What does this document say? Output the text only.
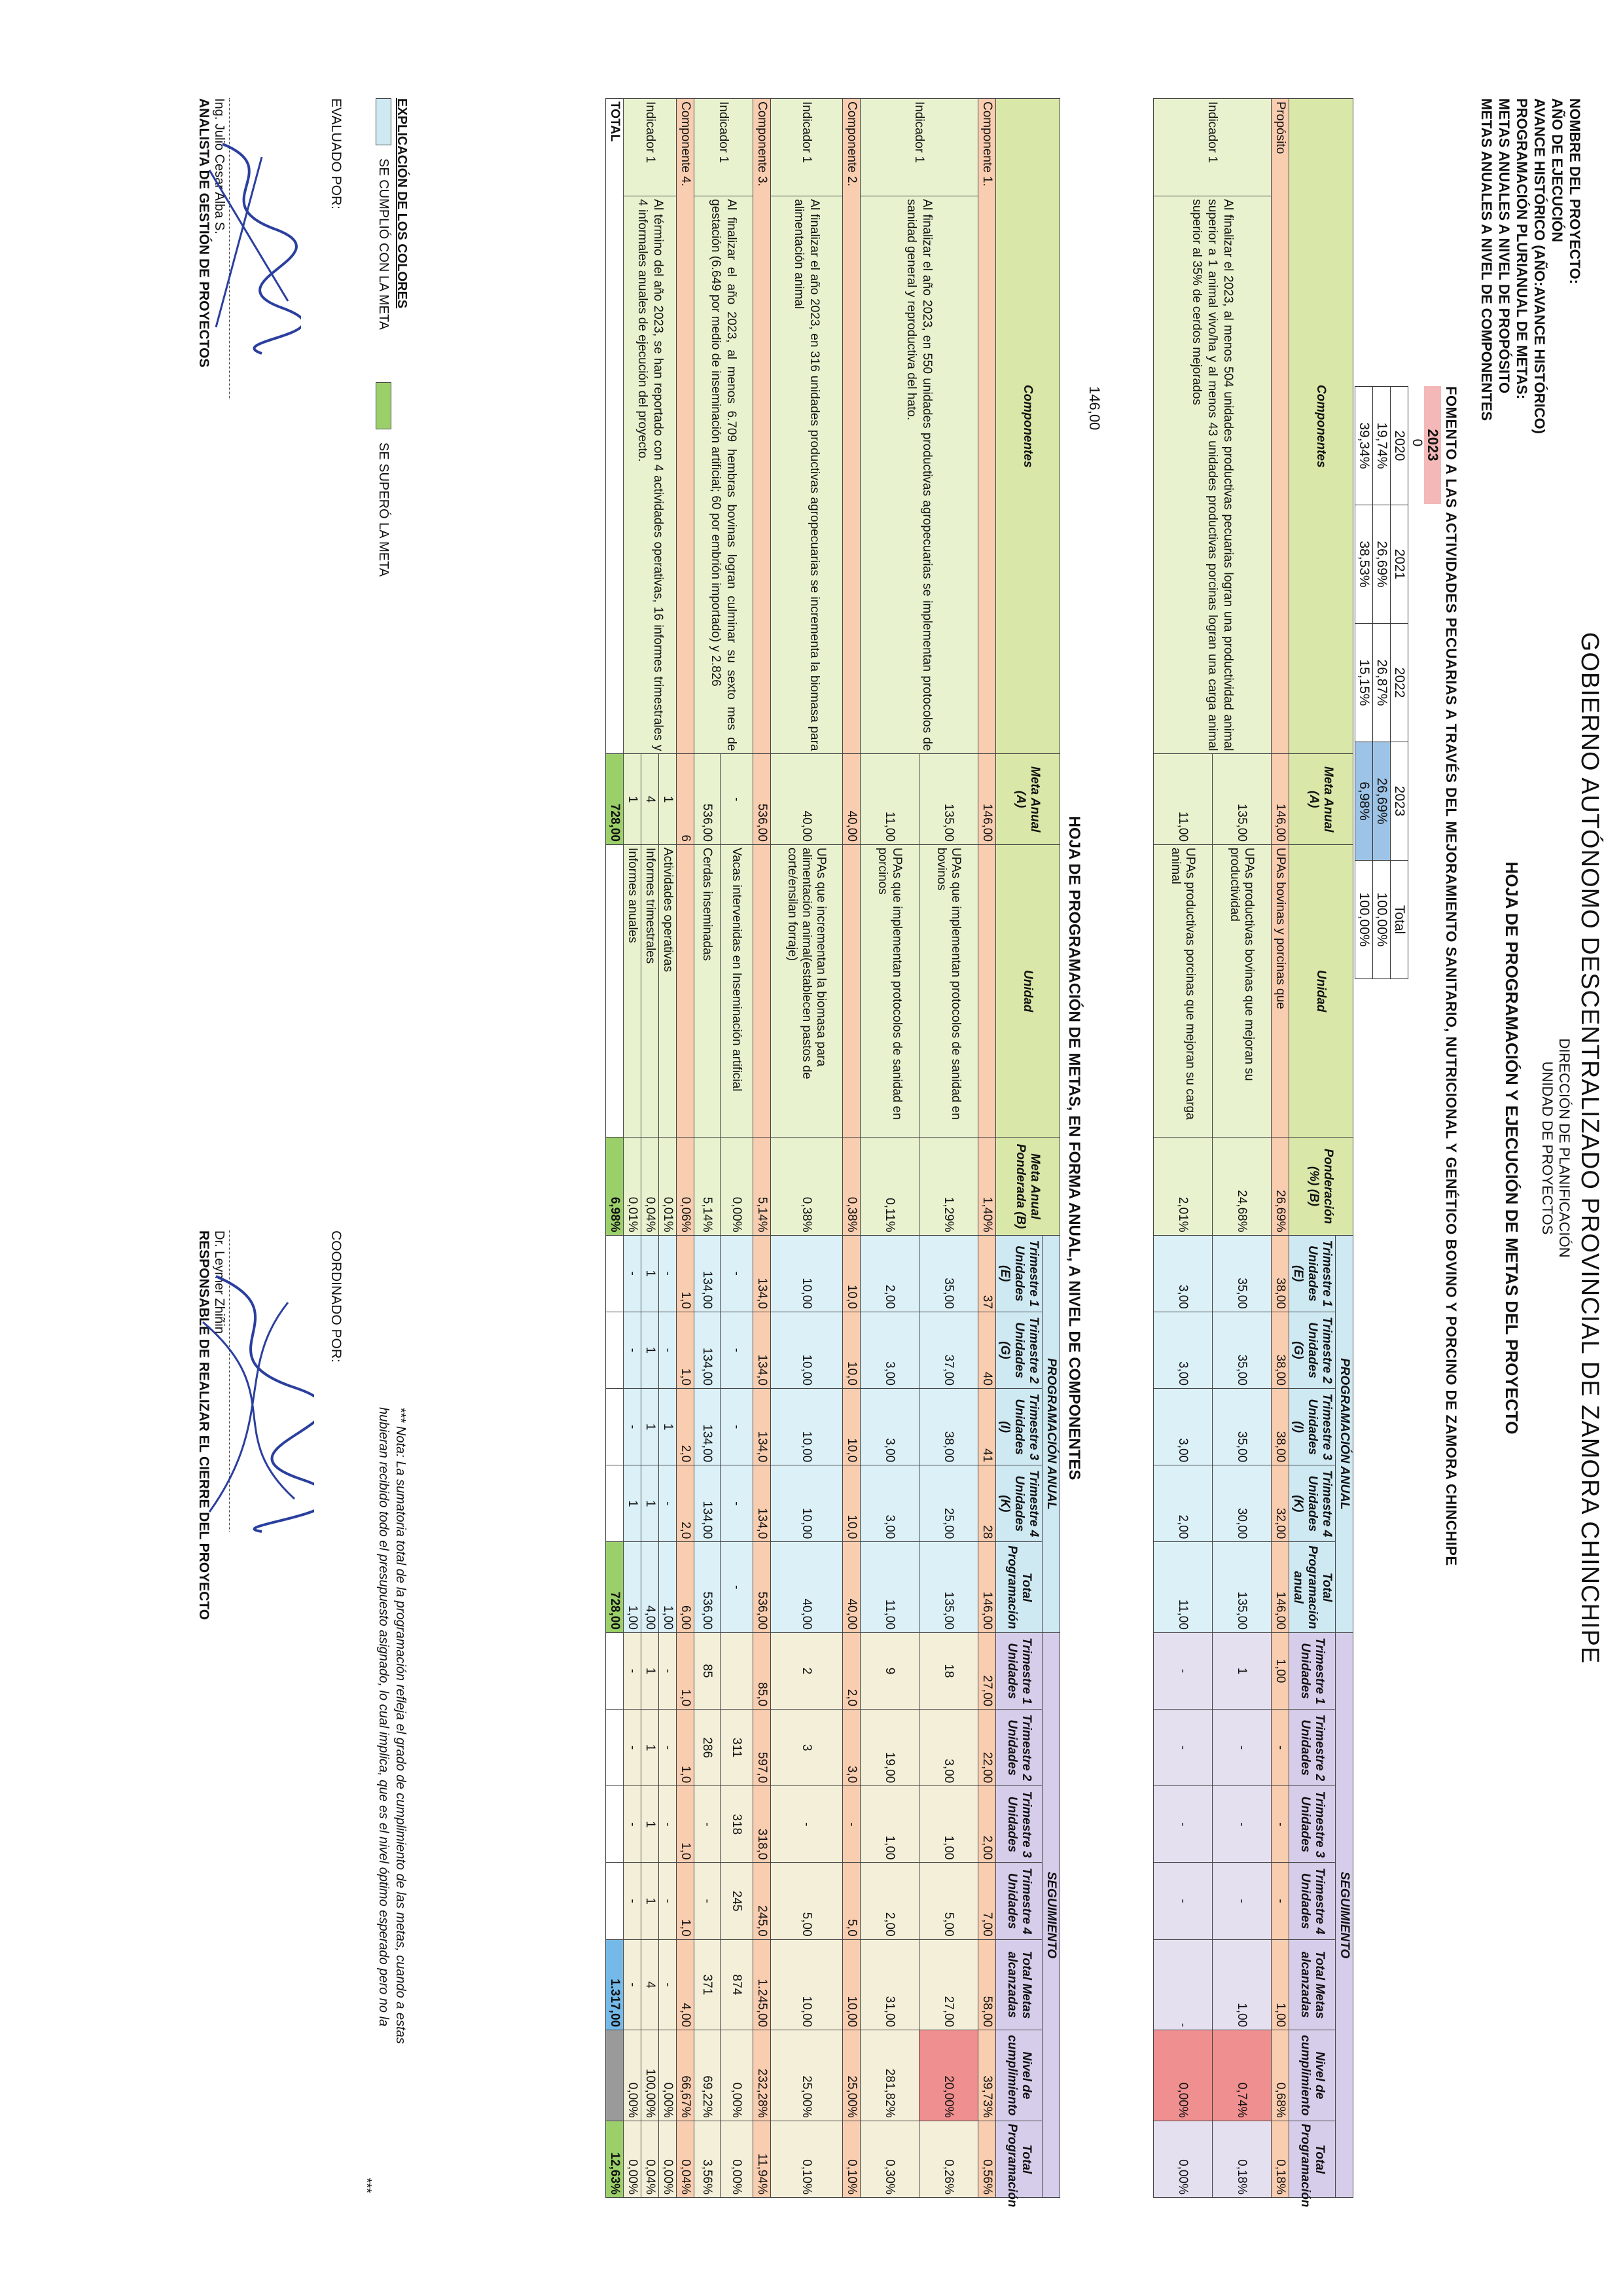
GOBIERNO AUTÓNOMO DESCENTRALIZADO PROVINCIAL DE ZAMORA CHINCHIPE
DIRECCIÓN DE PLANIFICACIÓN
UNIDAD DE PROYECTOS
HOJA DE PROGRAMACIÓN Y EJECUCIÓN DE METAS DEL PROYECTO
NOMBRE DEL PROYECTO:
AÑO DE EJECUCIÓN
AVANCE HISTÓRICO (AÑO:AVANCE HISTÓRICO)
PROGRAMACIÓN PLURIANUAL DE METAS:
METAS ANUALES A NIVEL DE PROPÓSITO
METAS ANUALES A NIVEL DE COMPONENTES
FOMENTO A LAS ACTIVIDADES PECUARIAS A TRAVÉS DEL MEJORAMIENTO SANITARIO, NUTRICIONAL Y GENÉTICO BOVINO Y PORCINO DE ZAMORA CHINCHIPE
2023
0				
2020	2021	2022	2023	Total
19,74%	26,69%	26,87%	26,69%	100,00%
39,34%	38,53%	15,15%	6,98%	100,00%
Componentes		Meta Anual (A)	Unidad	Ponderación (%) (B)	PROGRAMACIÓN ANUAL					SEGUIMIENTO						
					Trimestre 1 Unidades (E)	Trimestre 2 Unidades (G)	Trimestre 3 Unidades (I)	Trimestre 4 Unidades (K)	Total Programación anual	Trimestre 1 Unidades	Trimestre 2 Unidades	Trimestre 3 Unidades	Trimestre 4 Unidades	Total Metas alcanzadas	Nivel de cumplimiento	Total Programación
Propósito		146,00	UPAs bovinas y porcinas que	26,69%	38,00	38,00	38,00	32,00	146,00	1,00	-	-	-	1,00	0,68%	0,18%
Indicador 1	Al finalizar el 2023, al menos 504 unidades productivas pecuarias logran una productividad animal superior a 1 animal vivo/ha y al menos 43 unidades productivas porcinas logran una carga animal superior al 35% de cerdos mejorados	135,00	UPAs productivas bovinas que mejoran su productividad	24,68%	35,00	35,00	35,00	30,00	135,00	1	-	-	-	1,00	0,74%	0,18%
		11,00	UPAs productivas porcinas que mejoran su carga animal	2,01%	3,00	3,00	3,00	2,00	11,00	-	-	-	-	-	0,00%	0,00%
146,00
HOJA DE PROGRAMACIÓN DE METAS, EN FORMA ANUAL, A NIVEL DE COMPONENTES
Componentes		Meta Anual (A)	Unidad	Meta Anual Ponderada (B)	PROGRAMACIÓN ANUAL					SEGUIMIENTO						
					Trimestre 1 Unidades (E)	Trimestre 2 Unidades (G)	Trimestre 3 Unidades (I)	Trimestre 4 Unidades (K)	Total Programación	Trimestre 1 Unidades	Trimestre 2 Unidades	Trimestre 3 Unidades	Trimestre 4 Unidades	Total Metas alcanzadas	Nivel de cumplimiento	Total Programación
Componente 1.		146,00		1,40%	37	40	41	28	146,00	27,00	22,00	2,00	7,00	58,00	39,73%	0,56%
Indicador 1	Al finalizar el año 2023, en 550 unidades productivas agropecuarias se implementan protocolos de sanidad general y reproductiva del hato.	135,00	UPAs que implementan protocolos de sanidad en bovinos	1,29%	35,00	37,00	38,00	25,00	135,00	18	3,00	1,00	5,00	27,00	20,00%	0,26%
		11,00	UPAs que implementan protocolos de sanidad en porcinos	0,11%	2,00	3,00	3,00	3,00	11,00	9	19,00	1,00	2,00	31,00	281,82%	0,30%
Componente 2.		40,00		0,38%	10,0	10,0	10,0	10,0	40,00	2,0	3,0	-	5,0	10,00	25,00%	0,10%
Indicador 1	Al finalizar el año 2023, en 316 unidades productivas agropecuarias se incrementa la biomasa para alimentación animal	40,00	UPAs que incrementan la biomasa para alimentación animal(establecen pastos de corte/ensilan forraje)	0,38%	10,00	10,00	10,00	10,00	40,00	2	3	-	5,00	10,00	25,00%	0,10%
Componente 3.		536,00		5,14%	134,0	134,0	134,0	134,0	536,00	85,0	597,0	318,0	245,0	1.245,00	232,28%	11,94%
Indicador 1	Al finalizar el año 2023, al menos 6.709 hembras bovinas logran culminar su sexto mes de gestación (6.649 por medio de inseminación artificial; 60 por embrión importado) y 2.826	-	Vacas intervenidas en Inseminación artificial	0,00%	-	-	-	-	-		311	318	245	874	0,00%	0,00%
		536,00	Cerdas inseminadas	5,14%	134,00	134,00	134,00	134,00	536,00	85	286	-	-	371	69,22%	3,56%
Componente 4.		6		0,06%	1,0	1,0	2,0	2,0	6,00	1,0	1,0	1,0	1,0	4,00	66,67%	0,04%
Indicador 1	Al término del año 2023, se han reportado con 4 actividades operativas, 16 informes trimestrales y 4 informales anuales de ejecución del proyecto.	1	Actividades operativas	0,01%	-	-	1	-	1,00	-	-	-	-	-	0,00%	0,00%
		4	Informes trimestrales	0,04%	1	1	1	1	4,00	1	1	1	1	4	100,00%	0,04%
		1	Informes anuales	0,01%	-	-	-	1	1,00	-	-	-	-	-	0,00%	0,00%
TOTAL		728,00		6,98%					728,00					1.317,00		12,63%
EXPLICACIÓN DE LOS COLORES
SE CUMPLIÓ CON LA META
SE SUPERÓ LA META
*** Nota: La sumatoria total de la programación refleja el grado de cumplimiento de las metas, cuando a estas
hubieran recibido todo el presupuesto asignado, lo cual implica, que es el nivel óptimo esperado pero no la
***
EVALUADO POR:
Ing. Julio Cesar Alba S.
ANALISTA DE GESTIÓN DE PROYECTOS
COORDINADO POR:
Dr. Leymer Zhiñin
RESPONSABLE DE REALIZAR EL CIERRE DEL PROYECTO
